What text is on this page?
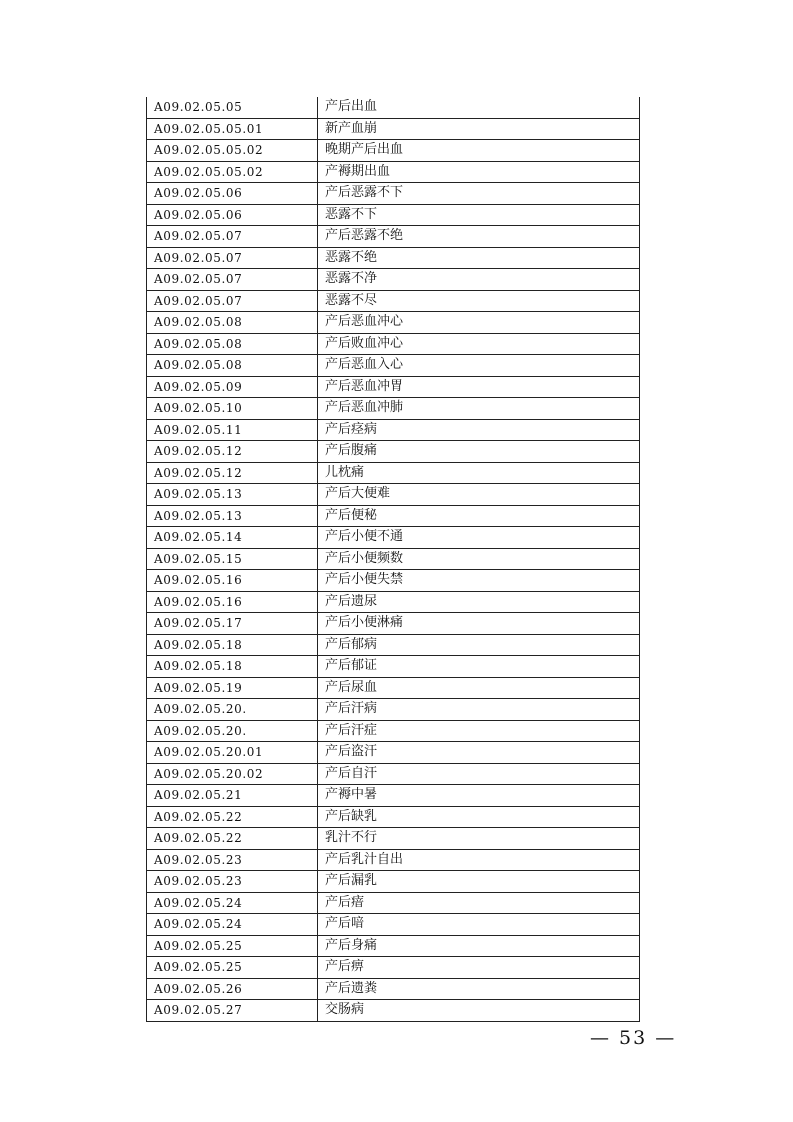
A09.02.05.05	产后出血
A09.02.05.05.01	新产血崩
A09.02.05.05.02	晚期产后出血
A09.02.05.05.02	产褥期出血
A09.02.05.06	产后恶露不下
A09.02.05.06	恶露不下
A09.02.05.07	产后恶露不绝
A09.02.05.07	恶露不绝
A09.02.05.07	恶露不净
A09.02.05.07	恶露不尽
A09.02.05.08	产后恶血冲心
A09.02.05.08	产后败血冲心
A09.02.05.08	产后恶血入心
A09.02.05.09	产后恶血冲胃
A09.02.05.10	产后恶血冲肺
A09.02.05.11	产后痉病
A09.02.05.12	产后腹痛
A09.02.05.12	儿枕痛
A09.02.05.13	产后大便难
A09.02.05.13	产后便秘
A09.02.05.14	产后小便不通
A09.02.05.15	产后小便频数
A09.02.05.16	产后小便失禁
A09.02.05.16	产后遗尿
A09.02.05.17	产后小便淋痛
A09.02.05.18	产后郁病
A09.02.05.18	产后郁证
A09.02.05.19	产后尿血
A09.02.05.20.	产后汗病
A09.02.05.20.	产后汗症
A09.02.05.20.01	产后盗汗
A09.02.05.20.02	产后自汗
A09.02.05.21	产褥中暑
A09.02.05.22	产后缺乳
A09.02.05.22	乳汁不行
A09.02.05.23	产后乳汁自出
A09.02.05.23	产后漏乳
A09.02.05.24	产后瘖
A09.02.05.24	产后喑
A09.02.05.25	产后身痛
A09.02.05.25	产后痹
A09.02.05.26	产后遗粪
A09.02.05.27	交肠病
— 53 —
